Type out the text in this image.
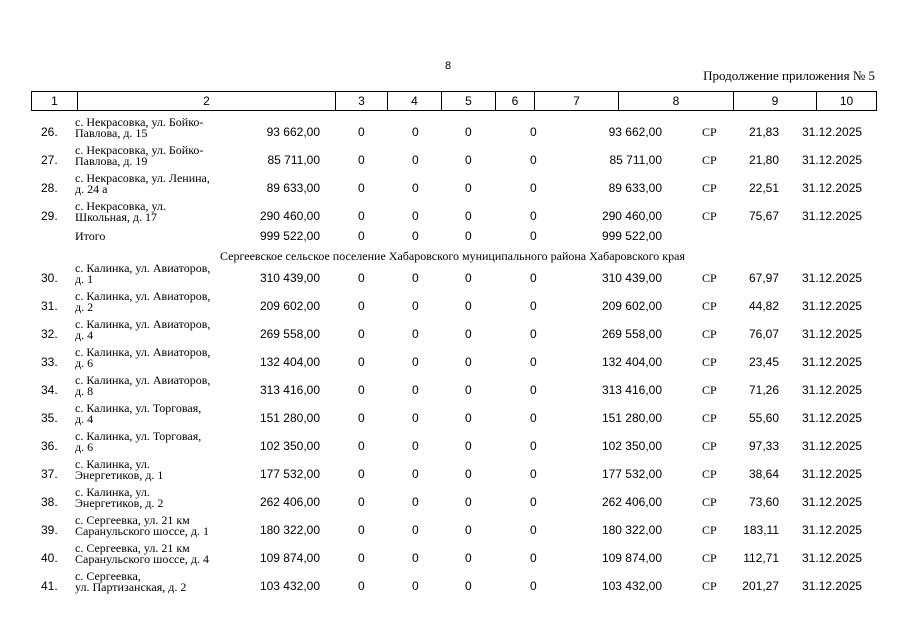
8
Продолжение приложения № 5
1	2	3	4	5	6	7	8	9	10
26.
с. Некрасовка, ул. Бойко-
Павлова, д. 15	93 662,00	0	0	0	0	93 662,00	СР	21,83 31.12.2025
27.
с. Некрасовка, ул. Бойко-
Павлова, д. 19	85 711,00	0	0	0	0	85 711,00	СР	21,80 31.12.2025
28.
с. Некрасовка, ул. Ленина,
д. 24 а	89 633,00	0	0	0	0	89 633,00	СР	22,51 31.12.2025
29.
с. Некрасовка, ул.
Школьная, д. 17	290 460,00	0	0	0	0	290 460,00	СР	75,67 31.12.2025
Итого	999 522,00	0	0	0	0	999 522,00
Сергеевское сельское поселение Хабаровского муниципального района Хабаровского края
30.
с. Калинка, ул. Авиаторов,
д. 1	310 439,00	0	0	0	0	310 439,00	СР	67,97 31.12.2025
31.
с. Калинка, ул. Авиаторов,
д. 2	209 602,00	0	0	0	0	209 602,00	СР	44,82 31.12.2025
32.
с. Калинка, ул. Авиаторов,
д. 4	269 558,00	0	0	0	0	269 558,00	СР	76,07 31.12.2025
33.
с. Калинка, ул. Авиаторов,
д. 6	132 404,00	0	0	0	0	132 404,00	СР	23,45 31.12.2025
34.
с. Калинка, ул. Авиаторов,
д. 8	313 416,00	0	0	0	0	313 416,00	СР	71,26 31.12.2025
35.
с. Калинка, ул. Торговая,
д. 4	151 280,00	0	0	0	0	151 280,00	СР	55,60 31.12.2025
36.
с. Калинка, ул. Торговая,
д. 6	102 350,00	0	0	0	0	102 350,00	СР	97,33 31.12.2025
37.
с. Калинка, ул.
Энергетиков, д. 1	177 532,00	0	0	0	0	177 532,00	СР	38,64 31.12.2025
38.
с. Калинка, ул.
Энергетиков, д. 2	262 406,00	0	0	0	0	262 406,00	СР	73,60 31.12.2025
39.
с. Сергеевка, ул. 21 км
Саранульского шоссе, д. 1	180 322,00	0	0	0	0	180 322,00	СР 183,11 31.12.2025
40.
с. Сергеевка, ул. 21 км
Саранульского шоссе, д. 4	109 874,00	0	0	0	0	109 874,00	СР 112,71 31.12.2025
41.
с. Сергеевка,
ул. Партизанская, д. 2	103 432,00	0	0	0	0	103 432,00	СР 201,27 31.12.2025
